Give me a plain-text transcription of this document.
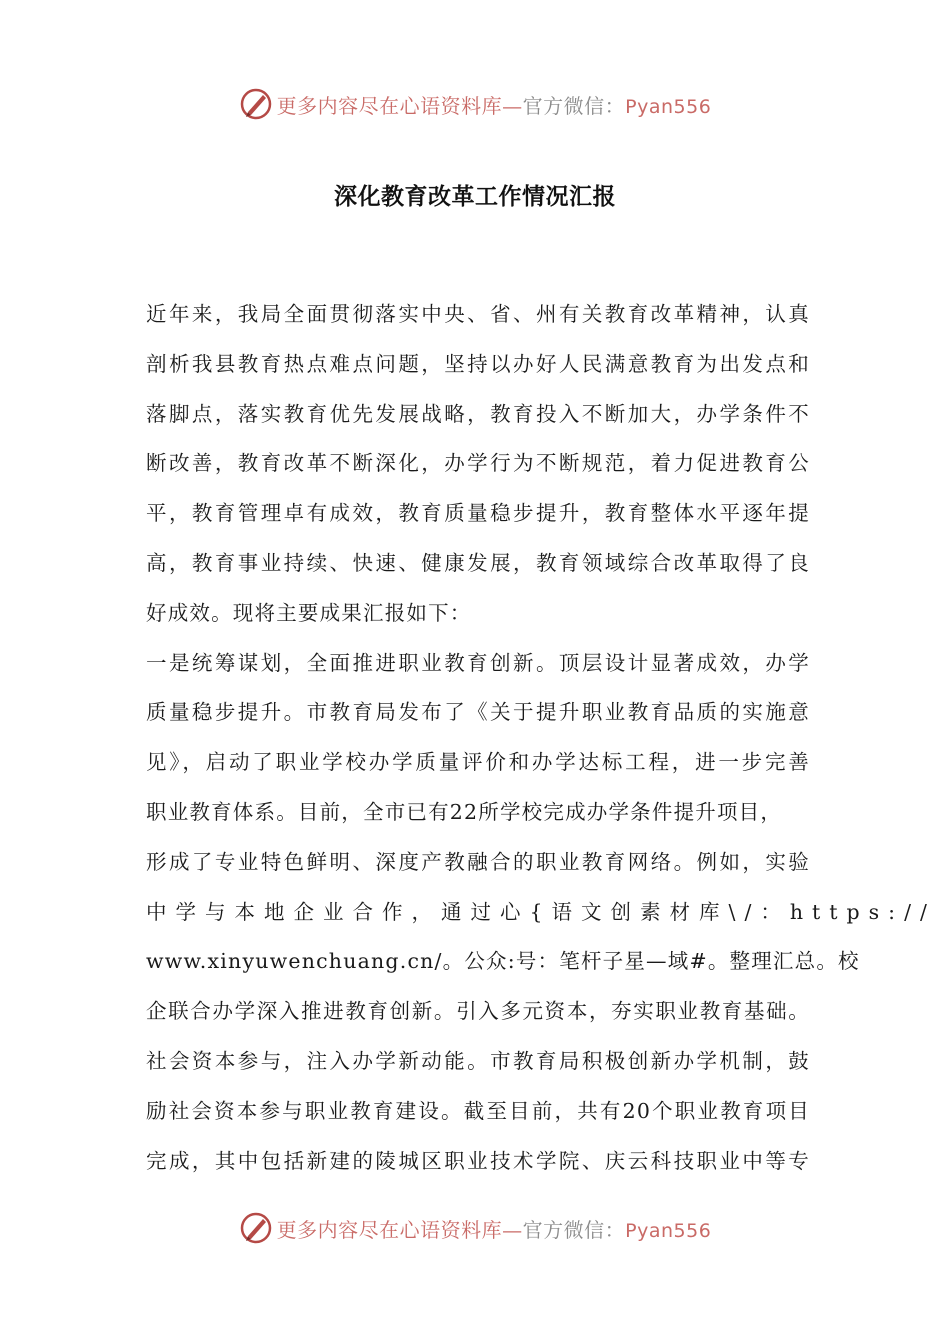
更多内容尽在心语资料库—官方微信：Pyan556
深化教育改革工作情况汇报
近年来，我局全面贯彻落实中央、省、州有关教育改革精神，认真
剖析我县教育热点难点问题，坚持以办好人民满意教育为出发点和
落脚点，落实教育优先发展战略，教育投入不断加大，办学条件不
断改善，教育改革不断深化，办学行为不断规范，着力促进教育公
平，教育管理卓有成效，教育质量稳步提升，教育整体水平逐年提
高，教育事业持续、快速、健康发展，教育领域综合改革取得了良
好成效。现将主要成果汇报如下：
一是统筹谋划，全面推进职业教育创新。顶层设计显著成效，办学
质量稳步提升。市教育局发布了《关于提升职业教育品质的实施意
见》，启动了职业学校办学质量评价和办学达标工程，进一步完善
职业教育体系。目前，全市已有22所学校完成办学条件提升项目，
形成了专业特色鲜明、深度产教融合的职业教育网络。例如，实验
中学与本地企业合作，通过心{语文创素材库\/：https://
www.xinyuwenchuang.cn/。公众:号：笔杆子星—域#。整理汇总。校
企联合办学深入推进教育创新。引入多元资本，夯实职业教育基础。
社会资本参与，注入办学新动能。市教育局积极创新办学机制，鼓
励社会资本参与职业教育建设。截至目前，共有20个职业教育项目
完成，其中包括新建的陵城区职业技术学院、庆云科技职业中等专
更多内容尽在心语资料库—官方微信：Pyan556
